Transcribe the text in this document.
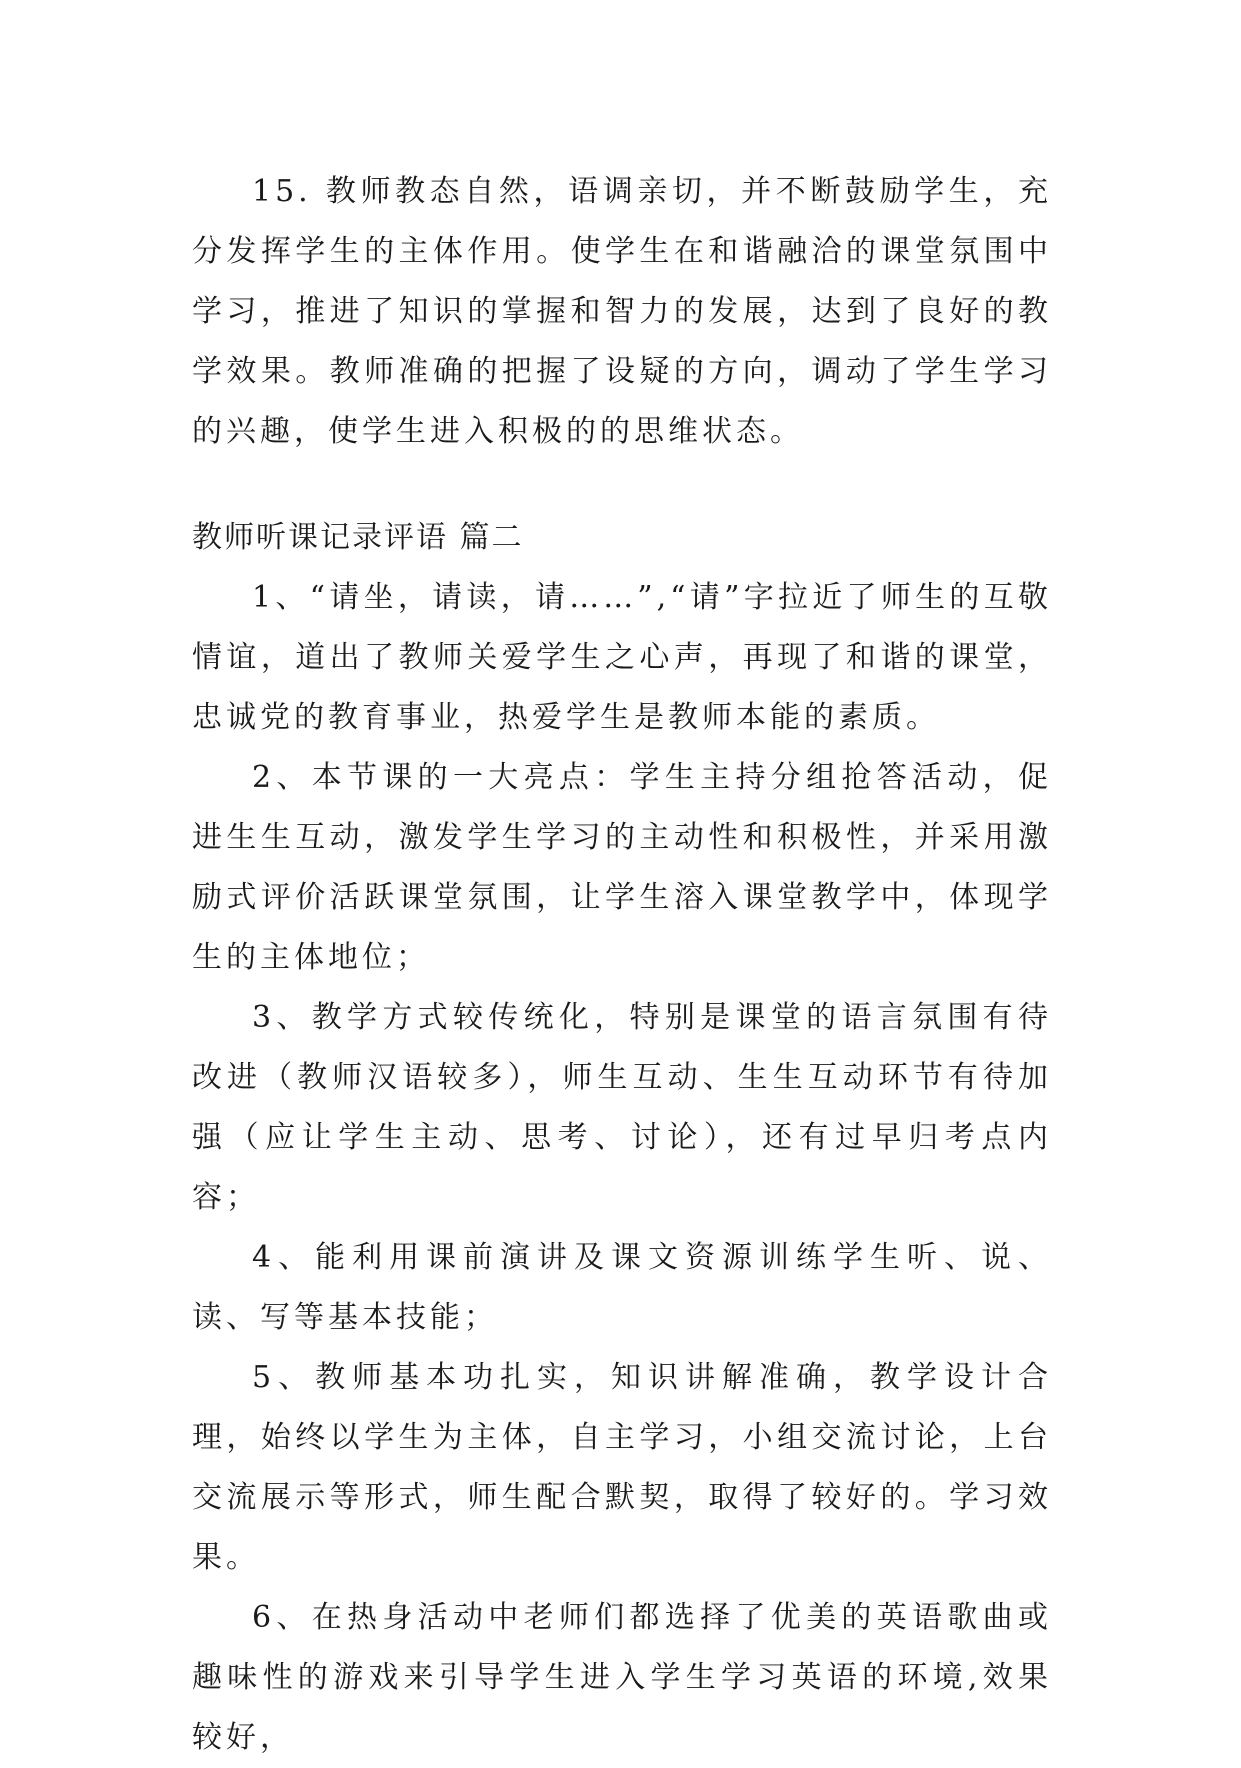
15. 教师教态自然，语调亲切，并不断鼓励学生，充分发挥学生的主体作用。使学生在和谐融洽的课堂氛围中学习，推进了知识的掌握和智力的发展，达到了良好的教学效果。教师准确的把握了设疑的方向，调动了学生学习的兴趣，使学生进入积极的的思维状态。

教师听课记录评语 篇二

1、“请坐，请读，请……”,“请”字拉近了师生的互敬情谊，道出了教师关爱学生之心声，再现了和谐的课堂，忠诚党的教育事业，热爱学生是教师本能的素质。

2、本节课的一大亮点：学生主持分组抢答活动，促进生生互动，激发学生学习的主动性和积极性，并采用激励式评价活跃课堂氛围，让学生溶入课堂教学中，体现学生的主体地位；

3、教学方式较传统化，特别是课堂的语言氛围有待改进（教师汉语较多），师生互动、生生互动环节有待加强（应让学生主动、思考、讨论），还有过早归考点内容；

4、能利用课前演讲及课文资源训练学生听、说、读、写等基本技能；

5、教师基本功扎实，知识讲解准确，教学设计合理，始终以学生为主体，自主学习，小组交流讨论，上台交流展示等形式，师生配合默契，取得了较好的。学习效果。

6、在热身活动中老师们都选择了优美的英语歌曲或趣味性的游戏来引导学生进入学生学习英语的环境,效果较好，
